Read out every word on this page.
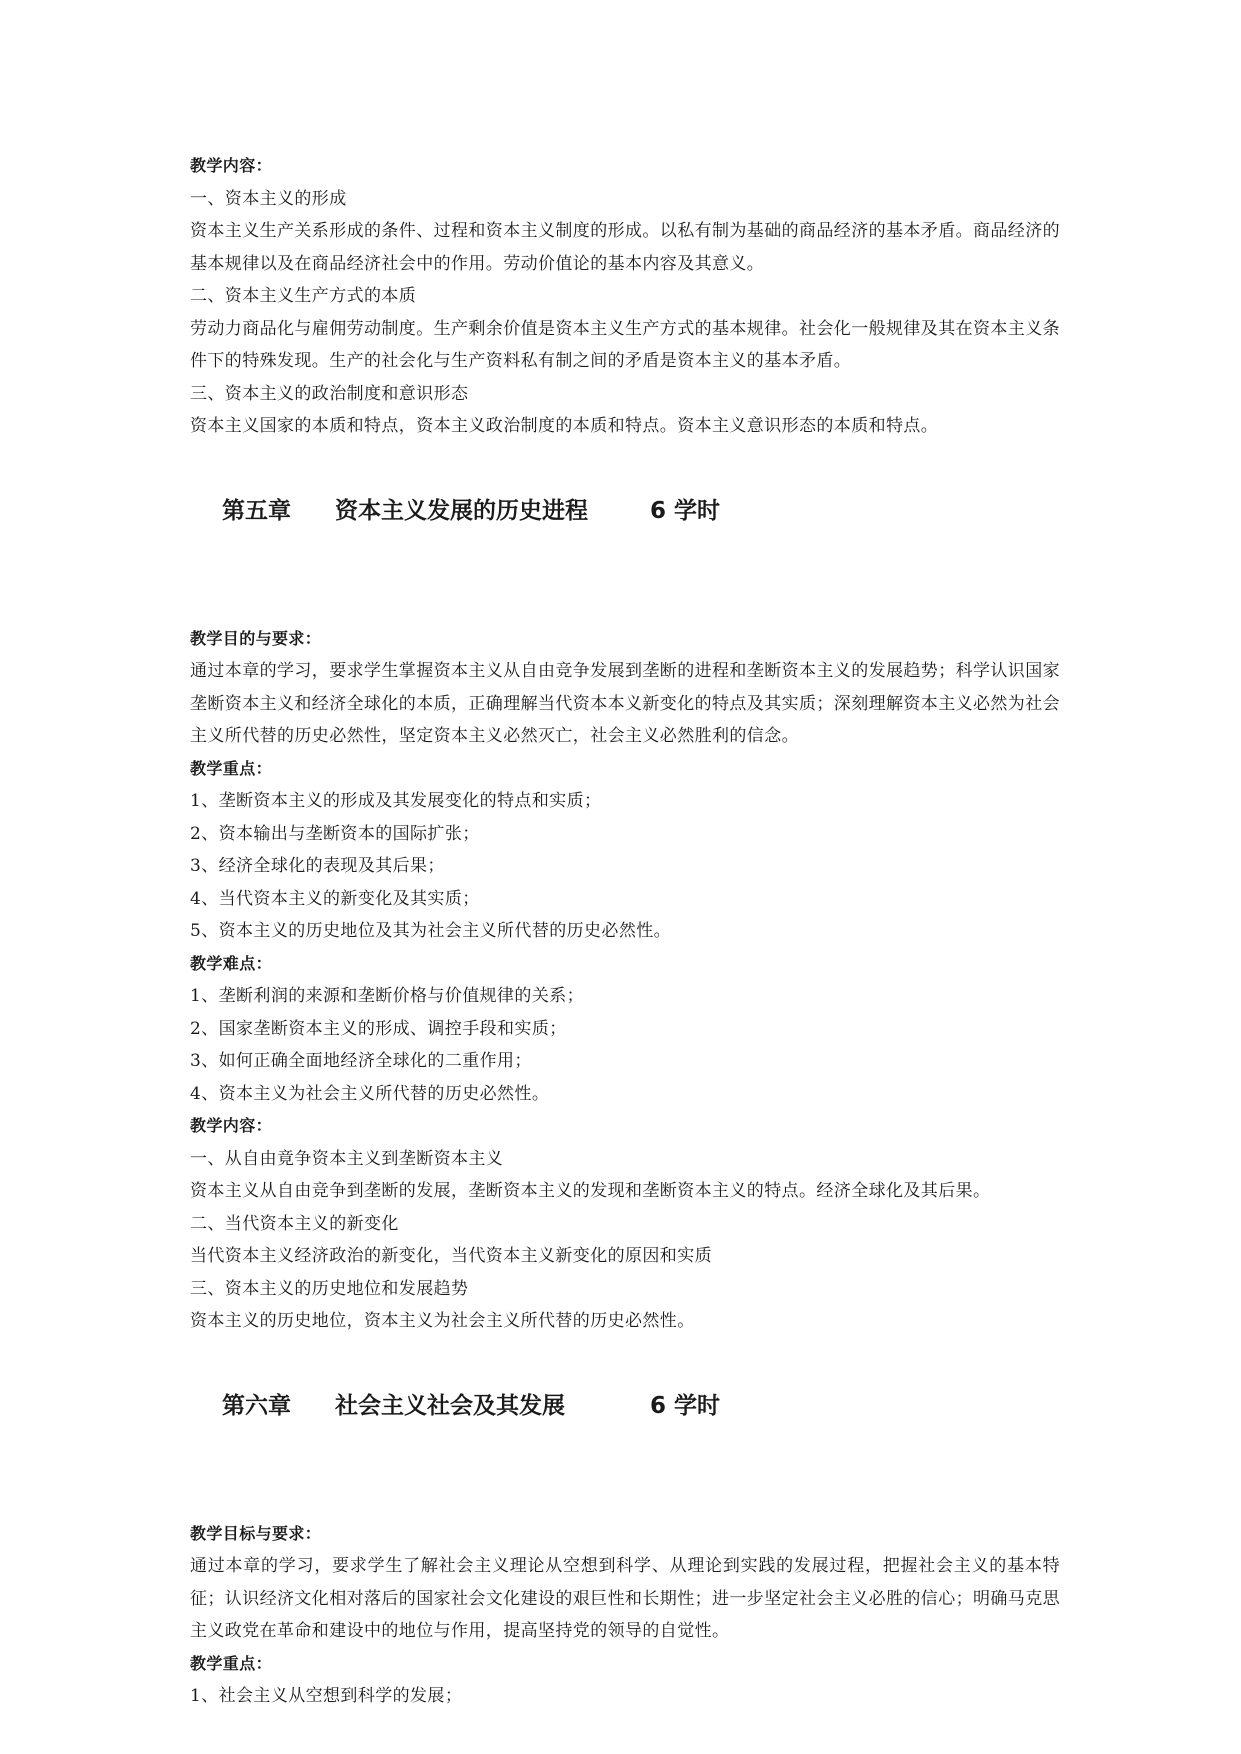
教学内容：
一、资本主义的形成
资本主义生产关系形成的条件、过程和资本主义制度的形成。以私有制为基础的商品经济的基本矛盾。商品经济的基本规律以及在商品经济社会中的作用。劳动价值论的基本内容及其意义。
二、资本主义生产方式的本质
劳动力商品化与雇佣劳动制度。生产剩余价值是资本主义生产方式的基本规律。社会化一般规律及其在资本主义条件下的特殊发现。生产的社会化与生产资料私有制之间的矛盾是资本主义的基本矛盾。
三、资本主义的政治制度和意识形态
资本主义国家的本质和特点，资本主义政治制度的本质和特点。资本主义意识形态的本质和特点。

第五章 资本主义发展的历史进程	6 学时

教学目的与要求：
通过本章的学习，要求学生掌握资本主义从自由竞争发展到垄断的进程和垄断资本主义的发展趋势；科学认识国家垄断资本主义和经济全球化的本质，正确理解当代资本本义新变化的特点及其实质；深刻理解资本主义必然为社会主义所代替的历史必然性，坚定资本主义必然灭亡，社会主义必然胜利的信念。
教学重点：
1、垄断资本主义的形成及其发展变化的特点和实质；
2、资本输出与垄断资本的国际扩张；
3、经济全球化的表现及其后果；
4、当代资本主义的新变化及其实质；
5、资本主义的历史地位及其为社会主义所代替的历史必然性。
教学难点：
1、垄断利润的来源和垄断价格与价值规律的关系；
2、国家垄断资本主义的形成、调控手段和实质；
3、如何正确全面地经济全球化的二重作用；
4、资本主义为社会主义所代替的历史必然性。
教学内容：
一、从自由竟争资本主义到垄断资本主义
资本主义从自由竞争到垄断的发展，垄断资本主义的发现和垄断资本主义的特点。经济全球化及其后果。
二、当代资本主义的新变化
当代资本主义经济政治的新变化，当代资本主义新变化的原因和实质
三、资本主义的历史地位和发展趋势
资本主义的历史地位，资本主义为社会主义所代替的历史必然性。

第六章 社会主义社会及其发展	6 学时

教学目标与要求：
通过本章的学习，要求学生了解社会主义理论从空想到科学、从理论到实践的发展过程，把握社会主义的基本特征；认识经济文化相对落后的国家社会文化建设的艰巨性和长期性；进一步坚定社会主义必胜的信心；明确马克思主义政党在革命和建设中的地位与作用，提高坚持党的领导的自觉性。
教学重点：
1、社会主义从空想到科学的发展；
